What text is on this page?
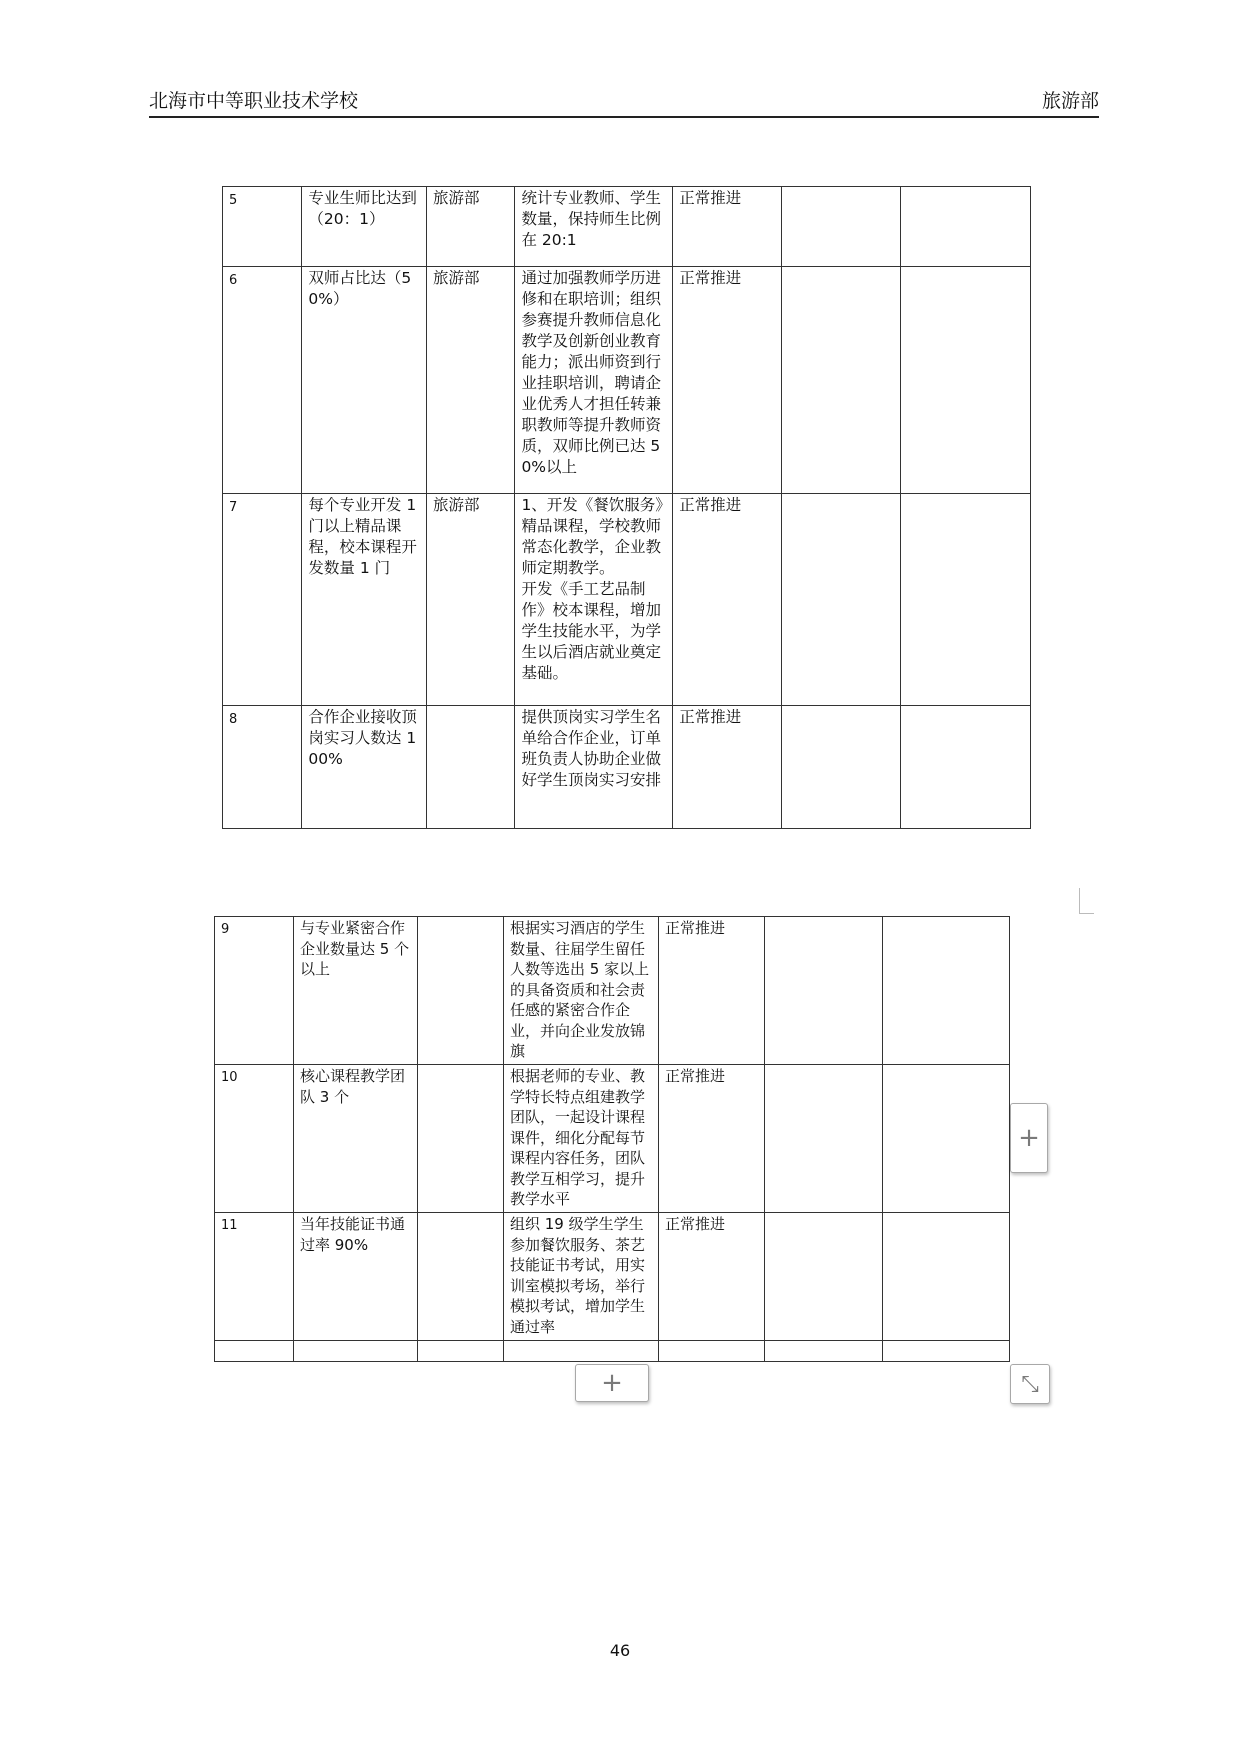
北海市中等职业技术学校	旅游部
5	专业生师比达到（20：1）	旅游部	统计专业教师、学生数量，保持师生比例在 20:1	正常推进		
6	双师占比达（50%）	旅游部	通过加强教师学历进修和在职培训；组织参赛提升教师信息化教学及创新创业教育能力；派出师资到行业挂职培训，聘请企业优秀人才担任转兼职教师等提升教师资质，双师比例已达 50%以上	正常推进		
7	每个专业开发 1 门以上精品课程，校本课程开发数量 1 门	旅游部	1、开发《餐饮服务》精品课程，学校教师常态化教学，企业教师定期教学。
开发《手工艺品制作》校本课程，增加学生技能水平，为学生以后酒店就业奠定基础。	正常推进		
8	合作企业接收顶岗实习人数达 100%		提供顶岗实习学生名单给合作企业，订单班负责人协助企业做好学生顶岗实习安排	正常推进		
9	与专业紧密合作企业数量达 5 个以上		根据实习酒店的学生数量、往届学生留任人数等选出 5 家以上的具备资质和社会责任感的紧密合作企业，并向企业发放锦旗	正常推进		
10	核心课程教学团队 3 个		根据老师的专业、教学特长特点组建教学团队，一起设计课程课件，细化分配每节课程内容任务，团队教学互相学习，提升教学水平	正常推进		
11	当年技能证书通过率 90%		组织 19 级学生学生参加餐饮服务、茶艺技能证书考试，用实训室模拟考场，举行模拟考试，增加学生通过率	正常推进		

+
+	⤡
46
